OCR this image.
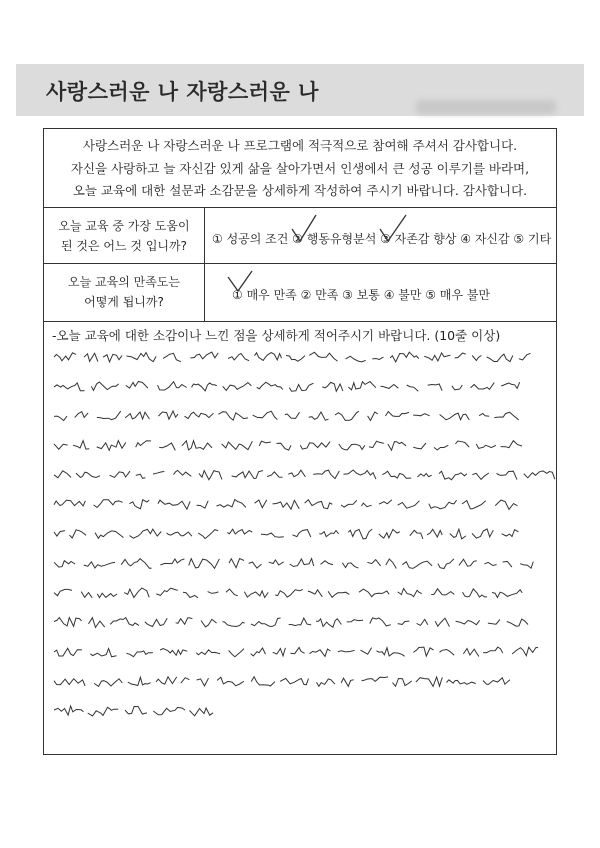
사랑스러운 나 자랑스러운 나
사랑스러운 나 자랑스러운 나 프로그램에 적극적으로 참여해 주셔서 감사합니다.
자신을 사랑하고 늘 자신감 있게 삶을 살아가면서 인생에서 큰 성공 이루기를 바라며,
오늘 교육에 대한 설문과 소감문을 상세하게 작성하여 주시기 바랍니다. 감사합니다.
오늘 교육 중 가장 도움이
된 것은 어느 것 입니까?	① 성공의 조건 ② 행동유형분석 ③ 자존감 향상 ④ 자신감 ⑤ 기타
오늘 교육의 만족도는
어떻게 됩니까?	① 매우 만족 ② 만족 ③ 보통 ④ 불만 ⑤ 매우 불만
-오늘 교육에 대한 소감이나 느낀 점을 상세하게 적어주시기 바랍니다. (10줄 이상)
